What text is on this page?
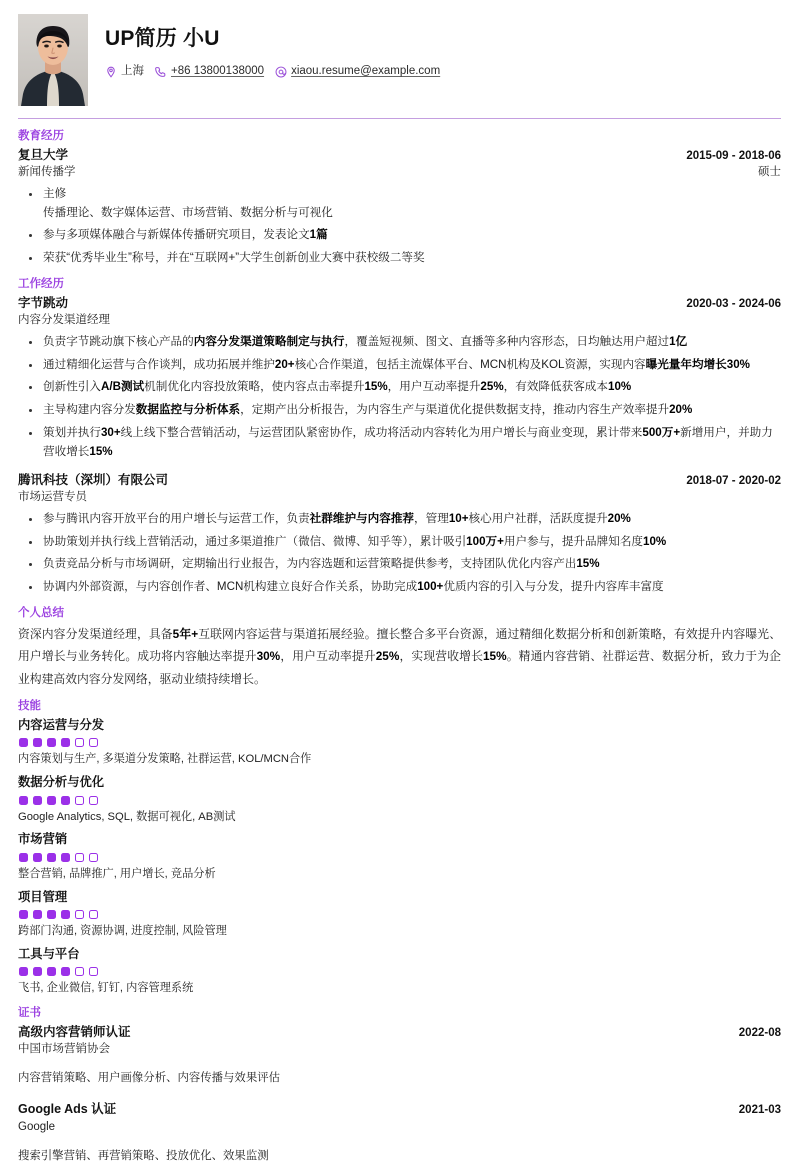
UP简历 小U
上海 +86 13800138000 xiaou.resume@example.com
教育经历
复旦大学	2015-09 - 2018-06
新闻传播学	硕士
主修
传播理论、数字媒体运营、市场营销、数据分析与可视化
参与多项媒体融合与新媒体传播研究项目，发表论文1篇
荣获“优秀毕业生”称号，并在“互联网+”大学生创新创业大赛中获校级二等奖
工作经历
字节跳动	2020-03 - 2024-06
内容分发渠道经理
负责字节跳动旗下核心产品的内容分发渠道策略制定与执行，覆盖短视频、图文、直播等多种内容形态，日均触达用户超过1亿
通过精细化运营与合作谈判，成功拓展并维护20+核心合作渠道，包括主流媒体平台、MCN机构及KOL资源，实现内容曝光量年均增长30%
创新性引入A/B测试机制优化内容投放策略，使内容点击率提升15%，用户互动率提升25%，有效降低获客成本10%
主导构建内容分发数据监控与分析体系，定期产出分析报告，为内容生产与渠道优化提供数据支持，推动内容生产效率提升20%
策划并执行30+线上线下整合营销活动，与运营团队紧密协作，成功将活动内容转化为用户增长与商业变现，累计带来500万+新增用户，并助力营收增长15%
腾讯科技（深圳）有限公司	2018-07 - 2020-02
市场运营专员
参与腾讯内容开放平台的用户增长与运营工作，负责社群维护与内容推荐，管理10+核心用户社群，活跃度提升20%
协助策划并执行线上营销活动，通过多渠道推广（微信、微博、知乎等），累计吸引100万+用户参与，提升品牌知名度10%
负责竞品分析与市场调研，定期输出行业报告，为内容选题和运营策略提供参考，支持团队优化内容产出15%
协调内外部资源，与内容创作者、MCN机构建立良好合作关系，协助完成100+优质内容的引入与分发，提升内容库丰富度
个人总结
资深内容分发渠道经理，具备5年+互联网内容运营与渠道拓展经验。擅长整合多平台资源，通过精细化数据分析和创新策略，有效提升内容曝光、用户增长与业务转化。成功将内容触达率提升30%，用户互动率提升25%，实现营收增长15%。精通内容营销、社群运营、数据分析，致力于为企业构建高效内容分发网络，驱动业绩持续增长。
技能
内容运营与分发
内容策划与生产, 多渠道分发策略, 社群运营, KOL/MCN合作
数据分析与优化
Google Analytics, SQL, 数据可视化, AB测试
市场营销
整合营销, 品牌推广, 用户增长, 竞品分析
项目管理
跨部门沟通, 资源协调, 进度控制, 风险管理
工具与平台
飞书, 企业微信, 钉钉, 内容管理系统
证书
高级内容营销师认证	2022-08
中国市场营销协会
内容营销策略、用户画像分析、内容传播与效果评估
Google Ads 认证	2021-03
Google
搜索引擎营销、再营销策略、投放优化、效果监测
